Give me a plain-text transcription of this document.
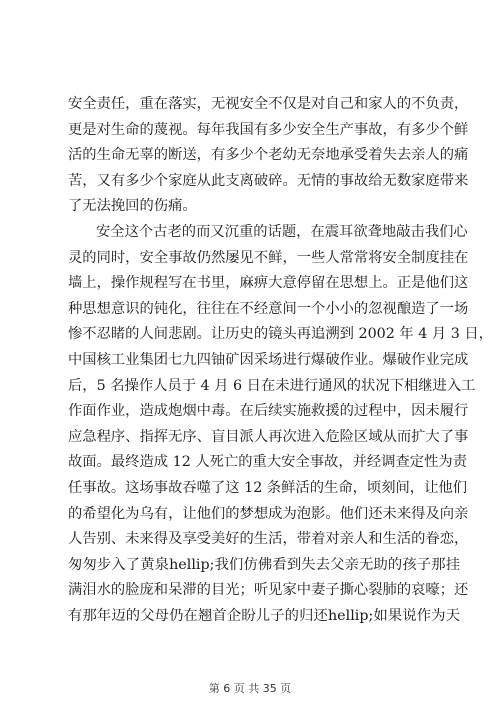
安全责任，重在落实，无视安全不仅是对自己和家人的不负责，
更是对生命的蔑视。每年我国有多少安全生产事故，有多少个鲜
活的生命无辜的断送，有多少个老幼无奈地承受着失去亲人的痛
苦，又有多少个家庭从此支离破碎。无情的事故给无数家庭带来
了无法挽回的伤痛。
安全这个古老的而又沉重的话题，在震耳欲聋地敲击我们心
灵的同时，安全事故仍然屡见不鲜，一些人常常将安全制度挂在
墙上，操作规程写在书里，麻痹大意停留在思想上。正是他们这
种思想意识的钝化，往往在不经意间一个小小的忽视酿造了一场
惨不忍睹的人间悲剧。让历史的镜头再追溯到 2002 年 4 月 3 日，
中国核工业集团七九四铀矿因采场进行爆破作业。爆破作业完成
后，5 名操作人员于 4 月 6 日在未进行通风的状况下相继进入工
作面作业，造成炮烟中毒。在后续实施救援的过程中，因未履行
应急程序、指挥无序、盲目派人再次进入危险区域从而扩大了事
故面。最终造成 12 人死亡的重大安全事故，并经调查定性为责
任事故。这场事故吞噬了这 12 条鲜活的生命，顷刻间，让他们
的希望化为乌有，让他们的梦想成为泡影。他们还未来得及向亲
人告别、未来得及享受美好的生活，带着对亲人和生活的眷恋，
匆匆步入了黄泉hellip;我们仿佛看到失去父亲无助的孩子那挂
满泪水的脸庞和呆滞的目光；听见家中妻子撕心裂肺的哀嚎；还
有那年迈的父母仍在翘首企盼儿子的归还hellip;如果说作为天
第 6 页 共 35 页
